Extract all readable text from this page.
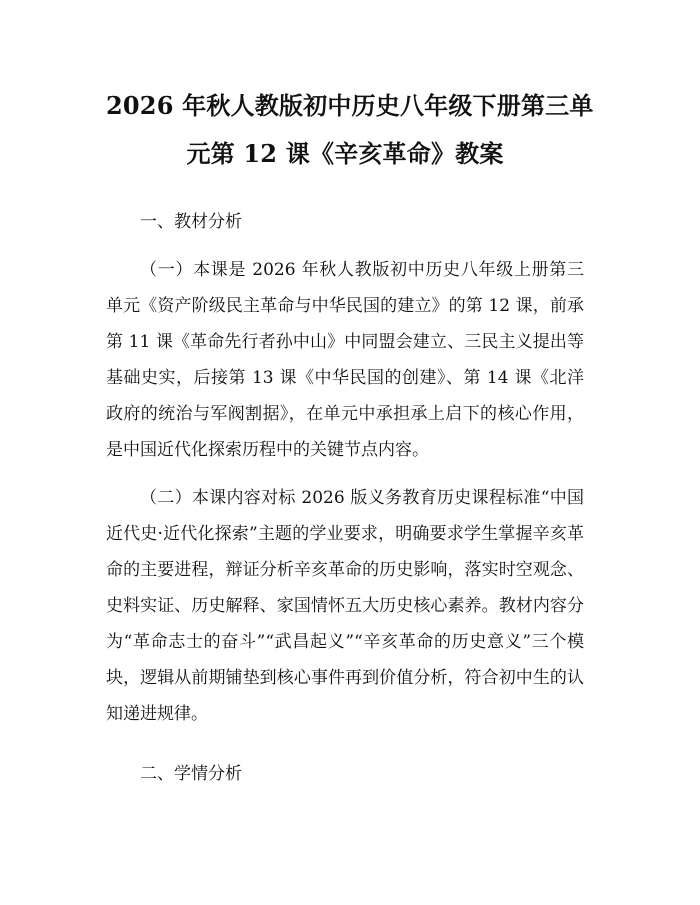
2026 年秋人教版初中历史八年级下册第三单
元第 12 课《辛亥革命》教案
一、教材分析

（一）本课是 2026 年秋人教版初中历史八年级上册第三单元《资产阶级民主革命与中华民国的建立》的第 12 课，前承第 11 课《革命先行者孙中山》中同盟会建立、三民主义提出等基础史实，后接第 13 课《中华民国的创建》、第 14 课《北洋政府的统治与军阀割据》，在单元中承担承上启下的核心作用，是中国近代化探索历程中的关键节点内容。

（二）本课内容对标 2026 版义务教育历史课程标准“中国近代史·近代化探索”主题的学业要求，明确要求学生掌握辛亥革命的主要进程，辩证分析辛亥革命的历史影响，落实时空观念、史料实证、历史解释、家国情怀五大历史核心素养。教材内容分为“革命志士的奋斗”“武昌起义”“辛亥革命的历史意义”三个模块，逻辑从前期铺垫到核心事件再到价值分析，符合初中生的认知递进规律。

二、学情分析
